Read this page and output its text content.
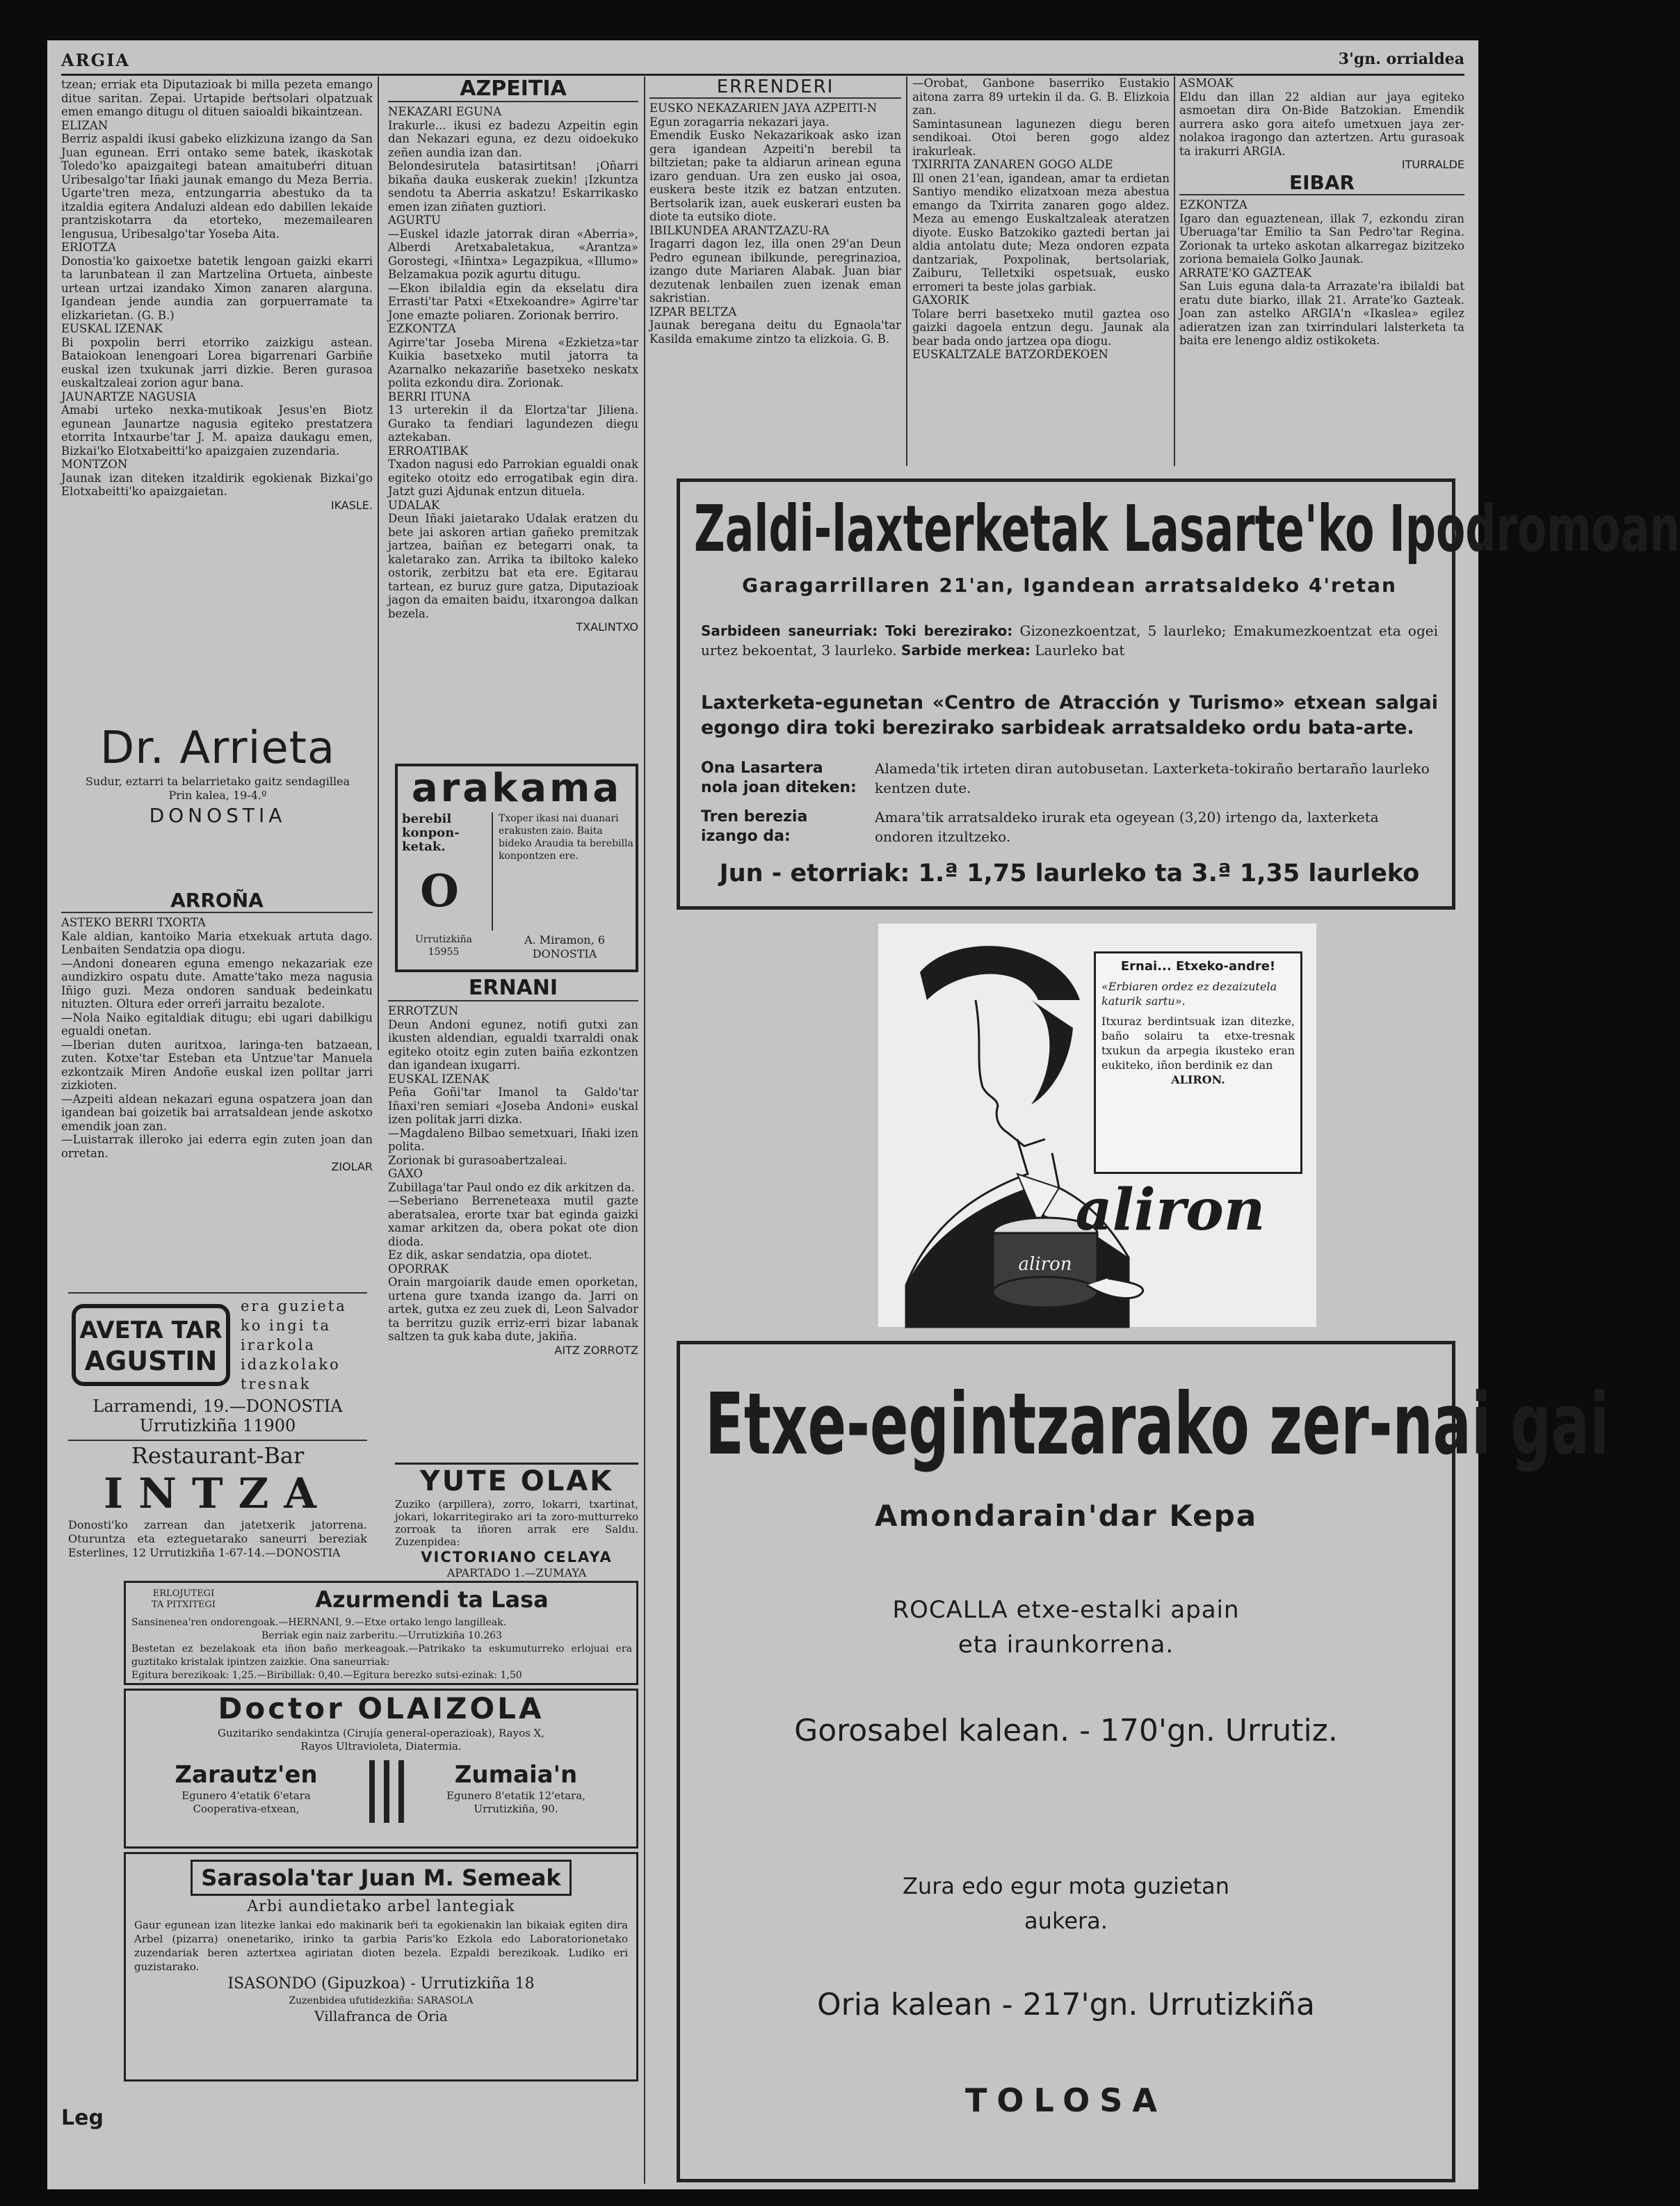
ARGIA	3'gn. orrialdea

tzean; erriak eta Diputazioak bi milla pezeta emango ditue saritan. Zepai. Urtapide beŕtsolari olpatzuak emen emango ditugu ol dituen saioaldi bikaintzean.
ELIZAN
Berriz aspaldi ikusi gabeko elizkizuna izango da San Juan egunean. Erri ontako seme batek, ikaskotak Toledo'ko apaizgaitegi batean amaitubeŕri dituan Uribesalgo'tar Iñaki jaunak emango du Meza Berria. Ugarte'tren meza, entzungarria abestuko da ta itzaldia egitera Andaluzi aldean edo dabillen lekaide prantziskotarra da etorteko, mezemailearen lengusua, Uribesalgo'tar Yoseba Aita.
ERIOTZA
Donostia'ko gaixoetxe batetik lengoan gaizki ekarri ta larunbatean il zan Martzelina Ortueta, ainbeste urtean urtzai izandako Ximon zanaren alarguna. Igandean jende aundia zan gorpuerramate ta elizkarietan. (G. B.)
EUSKAL IZENAK
Bi poxpolin berri etorriko zaizkigu astean. Bataiokoan lenengoari Lorea bigarrenari Garbiñe euskal izen txukunak jarri dizkie. Beren gurasoa euskaltzaleai zorion agur bana.
JAUNARTZE NAGUSIA
Amabi urteko nexka-mutikoak Jesus'en Biotz egunean Jaunartze nagusia egiteko prestatzera etorrita Intxaurbe'tar J. M. apaiza daukagu emen, Bizkai'ko Elotxabeitti'ko apaizgaien zuzendaria.
MONTZON
Jaunak izan diteken itzaldirik egokienak Bizkai'go Elotxabeitti'ko apaizgaietan.

IKASLE.
Dr. Arrieta
Sudur, eztarri ta belarrietako gaitz sendagillea
Prin kalea, 19-4.º
DONOSTIA
ARROÑA

ASTEKO BERRI TXORTA
Kale aldian, kantoiko Maria etxekuak artuta dago. Lenbaiten Sendatzia opa diogu.
—Andoni donearen eguna emengo nekazariak eze aundizkiro ospatu dute. Amatte'tako meza nagusia Iñigo guzi. Meza ondoren sanduak bedeinkatu nituzten. Oltura eder orreŕi jarraitu bezalote.
—Nola Naiko egitaldiak ditugu; ebi ugari dabilkigu egualdi onetan.
—Iberian duten auritxoa, laringa-ten batzaean, zuten. Kotxe'tar Esteban eta Untzue'tar Manuela ezkontzaik Miren Andoñe euskal izen polltar jarri zizkioten.
—Azpeiti aldean nekazari eguna ospatzera joan dan igandean bai goizetik bai arratsaldean jende askotxo emendik joan zan.
—Luistarrak illeroko jai ederra egin zuten joan dan orretan.

ZIOLAR
AVETA TAR
AGUSTIN
era guzieta
ko ingi ta
irarkola
idazkolako
tresnak
Larramendi, 19.—DONOSTIA
Urrutizkiña 11900
Restaurant-Bar
INTZA
Donosti'ko zarrean dan jatetxerik jatorrena. Oturuntza eta ezteguetarako saneurri bereziak Esterlines, 12 Urrutizkiña 1-67-14.—DONOSTIA
AZPEITIA

NEKAZARI EGUNA
Irakurle... ikusi ez badezu Azpeitin egin dan Nekazari eguna, ez dezu oidoekuko zeñen aundia izan dan.
Belondesirutela batasirtitsan! ¡Oñarri bikaña dauka euskerak zuekin! ¡Izkuntza sendotu ta Aberria askatzu! Eskarrikasko emen izan ziñaten guztiori.
AGURTU
—Euskel idazle jatorrak diran «Aberria», Alberdi Aretxabaletakua, «Arantza» Gorostegi, «Iñintxa» Legazpikua, «Illumo» Belzamakua pozik agurtu ditugu.
—Ekon ibilaldia egin da ekselatu dira Errasti'tar Patxi «Etxekoandre» Agirre'tar Jone emazte poliaren. Zorionak berriro.
EZKONTZA
Agirre'tar Joseba Mirena «Ezkietza»tar Kuikia basetxeko mutil jatorra ta Azarnalko nekazariñe basetxeko neskatx polita ezkondu dira. Zorionak.
BERRI ITUNA
13 urterekin il da Elortza'tar Jiliena. Gurako ta fendiari lagundezen diegu aztekaban.
ERROATIBAK
Txadon nagusi edo Parrokian egualdi onak egiteko otoitz edo errogatibak egin dira. Jatzt guzi Ajdunak entzun dituela.
UDALAK
Deun Iñaki jaietarako Udalak eratzen du bete jai askoren artian gañeko premitzak jartzea, baiñan ez betegarri onak, ta kaletarako zan. Arrika ta ibiltoko kaleko ostorik, zerbitzu bat eta ere. Egitarau tartean, ez buruz gure gatza, Diputazioak jagon da emaiten baidu, itxarongoa dalkan bezela.

TXALINTXO
arakama
berebil
konpon-
ketak.
O
Txoper ikasi nai duanari erakusten zaio. Baita bideko Araudia ta berebilla konpontzen ere.
Urrutizkiña
15955
A. Miramon, 6
DONOSTIA
ERNANI

ERROTZUN
Deun Andoni egunez, notifi gutxi zan ikusten aldendian, egualdi txarraldi onak egiteko otoitz egin zuten baiña ezkontzen dan igandean ixugarri.
EUSKAL IZENAK
Peña Goñi'tar Imanol ta Galdo'tar Iñaxi'ren semiari «Joseba Andoni» euskal izen politak jarri dizka.
—Magdaleno Bilbao semetxuari, Iñaki izen polita.
Zorionak bi gurasoabertzaleai.
GAXO
Zubillaga'tar Paul ondo ez dik arkitzen da.
—Seberiano Berreneteaxa mutil gazte aberatsalea, erorte txar bat eginda gaizki xamar arkitzen da, obera pokat ote dion dioda.
Ez dik, askar sendatzia, opa diotet.
OPORRAK
Orain margoiarik daude emen oporketan, urtena gure txanda izango da. Jarri on artek, gutxa ez zeu zuek di, Leon Salvador ta berritzu guzik erriz-erri bizar labanak saltzen ta guk kaba dute, jakiña.

AITZ ZORROTZ
YUTE OLAK
Zuziko (arpillera), zorro, lokarri, txartinat, jokari, lokarritegirako ari ta zoro-mutturreko zorroak ta iñoren arrak ere Saldu. Zuzenpidea:
VICTORIANO CELAYA
APARTADO 1.—ZUMAYA
ERLOJUTEGI
TA PITXITEGI	Azurmendi ta Lasa
Sansinenea'ren ondorengoak.—HERNANI, 9.—Etxe ortako lengo langilleak.
Berriak egin naiz zarberitu.—Urrutizkiña 10.263
Bestetan ez bezelakoak eta iñon baño merkeagoak.—Patrikako ta eskumuturreko erlojuai era guztitako kristalak ipintzen zaizkie. Ona saneurriak:
Egitura berezikoak: 1,25.—Biribillak: 0,40.—Egitura berezko sutsi-ezinak: 1,50
Doctor OLAIZOLA
Guzitariko sendakintza (Cirujía general-operazioak), Rayos X,
Rayos Ultravioleta, Diatermia.
Zarautz'en
Egunero 4'etatik 6'etara
Cooperativa-etxean,
Zumaia'n
Egunero 8'etatik 12'etara,
Urrutizkiña, 90.
Sarasola'tar Juan M. Semeak
Arbi aundietako arbel lantegiak
Gaur egunean izan litezke lankai edo makinarik beŕi ta egokienakin lan bikaiak egiten dira Arbel (pizarra) onenetariko, irinko ta garbia Paris'ko Ezkola edo Laboratorionetako zuzendariak beren aztertxea agiriatan dioten bezela. Ezpaldi berezikoak. Ludiko eri guzistarako.
ISASONDO (Gipuzkoa) - Urrutizkiña 18
Zuzenbidea ufutidezkiña: SARASOLA
Villafranca de Oria
Leg
ERRENDERI

EUSKO NEKAZARIEN JAYA AZPEITI-N
Egun zoragarria nekazari jaya.
Emendik Eusko Nekazarikoak asko izan gera igandean Azpeiti'n berebil ta biltzietan; pake ta aldiarun arinean eguna izaro genduan. Ura zen eusko jai osoa, euskera beste itzik ez batzan entzuten. Bertsolarik izan, auek euskerari eusten ba diote ta eutsiko diote.
IBILKUNDEA ARANTZAZU-RA
Iragarri dagon lez, illa onen 29'an Deun Pedro egunean ibilkunde, peregrinazioa, izango dute Mariaren Alabak. Juan biar dezutenak lenbailen zuen izenak eman sakristian.
IZPAR BELTZA
Jaunak beregana deitu du Egnaola'tar Kasilda emakume zintzo ta elizkoia. G. B.

—Orobat, Ganbone baserriko Eustakio aitona zarra 89 urtekin il da. G. B. Elizkoia zan.
Samintasunean lagunezen diegu beren sendikoai. Otoi beren gogo aldez irakurleak.
TXIRRITA ZANAREN GOGO ALDE
Ill onen 21'ean, igandean, amar ta erdietan Santiyo mendiko elizatxoan meza abestua emango da Txirrita zanaren gogo aldez. Meza au emengo Euskaltzaleak ateratzen diyote. Eusko Batzokiko gaztedi bertan jai aldia antolatu dute; Meza ondoren ezpata dantzariak, Poxpolinak, bertsolariak, Zaiburu, Telletxiki ospetsuak, eusko erromeri ta beste jolas garbiak.
GAXORIK
Tolare berri basetxeko mutil gaztea oso gaizki dagoela entzun degu. Jaunak ala bear bada ondo jartzea opa diogu.
EUSKALTZALE BATZORDEKOEN

ASMOAK
Eldu dan illan 22 aldian aur jaya egiteko asmoetan dira On-Bide Batzokian. Emendik aurrera asko gora aitefo umetxuen jaya zer-nolakoa iragongo dan aztertzen. Artu gurasoak ta irakurri ARGIA.

ITURRALDE
EIBAR

EZKONTZA
Igaro dan eguaztenean, illak 7, ezkondu ziran Uberuaga'tar Emilio ta San Pedro'tar Regina. Zorionak ta urteko askotan alkarregaz bizitzeko zoriona bemaiela Golko Jaunak.
ARRATE'KO GAZTEAK
San Luis eguna dala-ta Arrazate'ra ibilaldi bat eratu dute biarko, illak 21. Arrate'ko Gazteak. Joan zan astelko ARGIA'n «Ikaslea» egilez adieratzen izan zan txirrindulari lalsterketa ta baita ere lenengo aldiz ostikoketa.

Zaldi-laxterketak Lasarte'ko Ipodromoan
Garagarrillaren 21'an, Igandean arratsaldeko 4'retan
Sarbideen saneurriak: Toki berezirako: Gizonezkoentzat, 5 laurleko; Emakumezkoentzat eta ogei urtez bekoentat, 3 laurleko. Sarbide merkea: Laurleko bat
Laxterketa-egunetan «Centro de Atracción y Turismo» etxean salgai egongo dira toki berezirako sarbideak arratsaldeko ordu bata-arte.
Ona Lasartera nola joan diteken:
Alameda'tik irteten diran autobusetan. Laxterketa-tokiraño bertaraño laurleko kentzen dute.
Tren berezia izango da:
Amara'tik arratsaldeko irurak eta ogeyean (3,20) irtengo da, laxterketa ondoren itzultzeko.
Jun - etorriak: 1.ª 1,75 laurleko ta 3.ª 1,35 laurleko
aliron
aliron
Ernai... Etxeko-andre!
«Erbiaren ordez ez dezaizutela katurik sartu».
Itxuraz berdintsuak izan ditezke, baño solairu ta etxe-tresnak txukun da arpegia ikusteko eran eukiteko, iñon berdinik ez dan
ALIRON.
Etxe-egintzarako zer-nai gai
Amondarain'dar Kepa
ROCALLA etxe-estalki apain
eta iraunkorrena.
Gorosabel kalean. - 170'gn. Urrutiz.
Zura edo egur mota guzietan
aukera.
Oria kalean - 217'gn. Urrutizkiña
TOLOSA
